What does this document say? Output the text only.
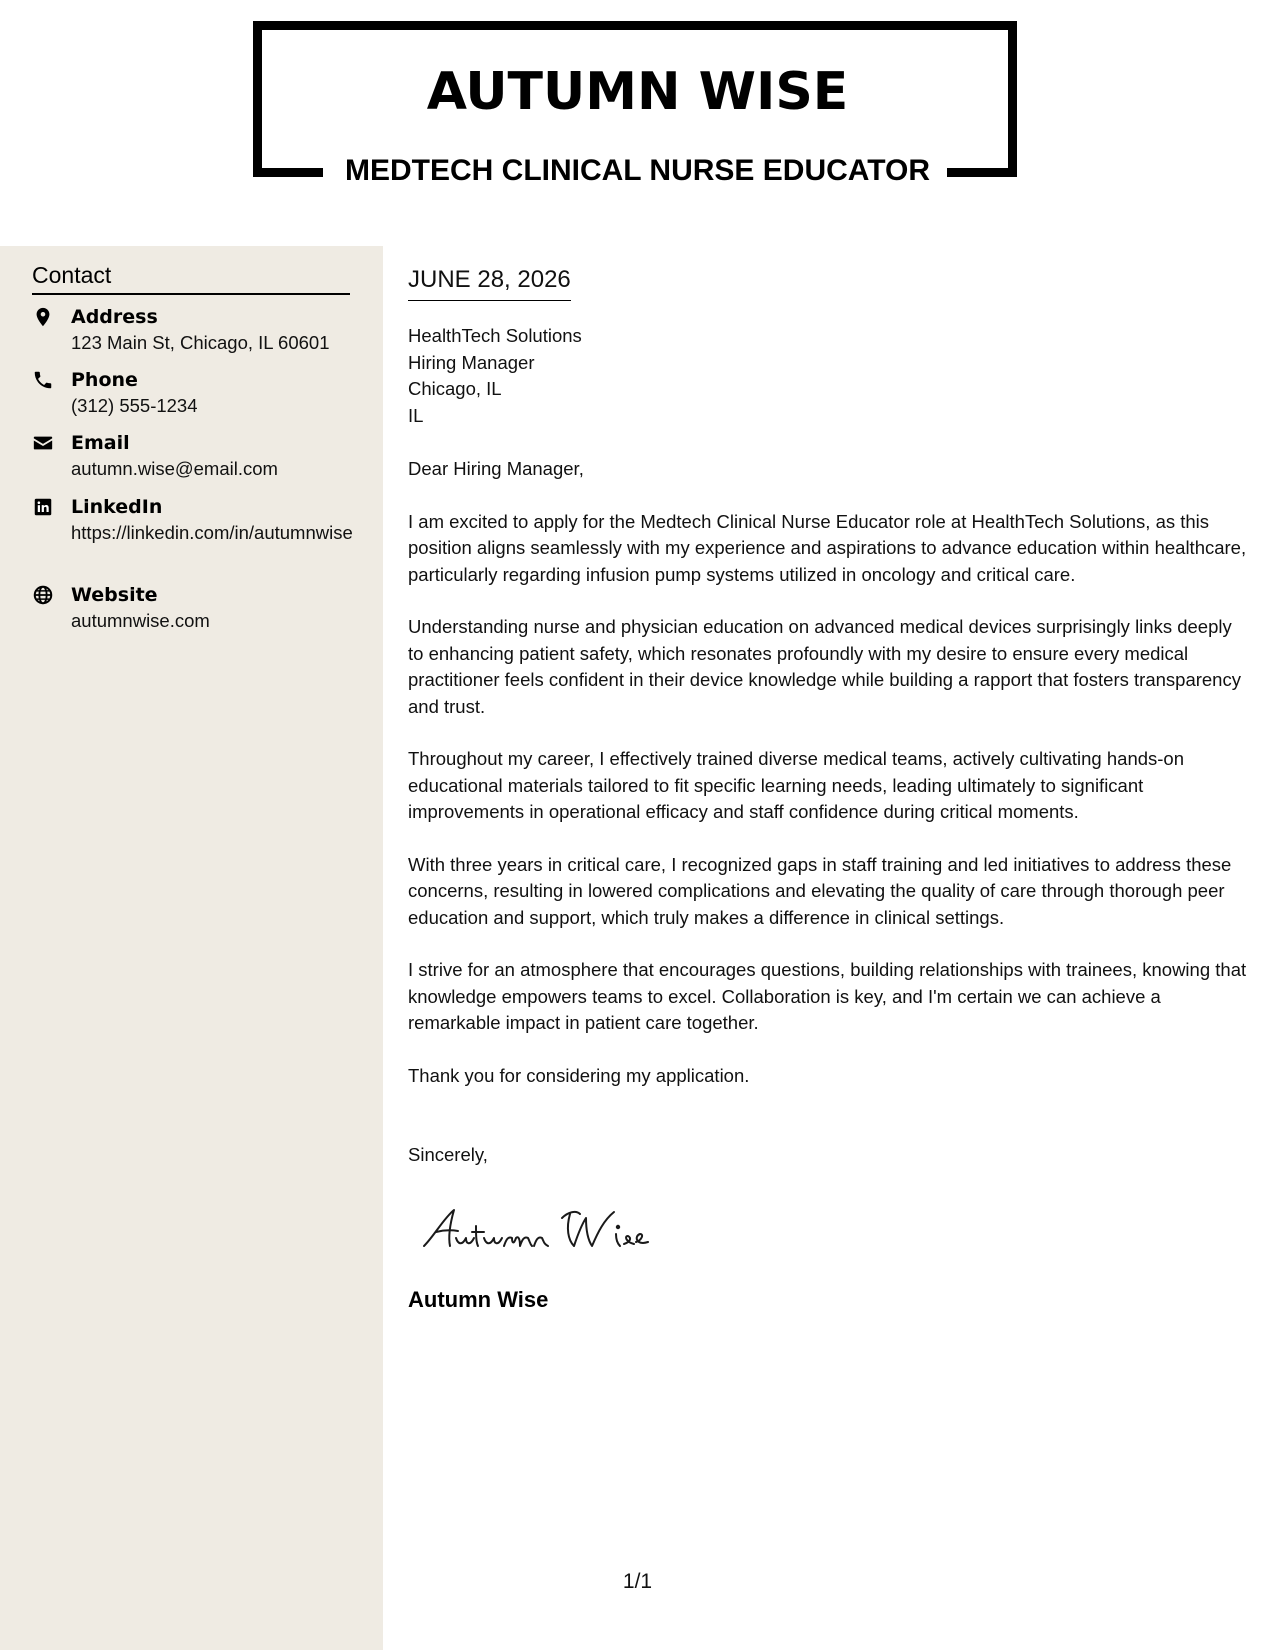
AUTUMN WISE
MEDTECH CLINICAL NURSE EDUCATOR
Contact
Address
123 Main St, Chicago, IL 60601
Phone
(312) 555-1234
Email
autumn.wise@email.com
LinkedIn
https://linkedin.com/in/autumnwise
Website
autumnwise.com
JUNE 28, 2026
HealthTech Solutions
Hiring Manager
Chicago, IL
IL

Dear Hiring Manager,

I am excited to apply for the Medtech Clinical Nurse Educator role at HealthTech Solutions, as this position aligns seamlessly with my experience and aspirations to advance education within healthcare, particularly regarding infusion pump systems utilized in oncology and critical care.

Understanding nurse and physician education on advanced medical devices surprisingly links deeply to enhancing patient safety, which resonates profoundly with my desire to ensure every medical practitioner feels confident in their device knowledge while building a rapport that fosters transparency and trust.

Throughout my career, I effectively trained diverse medical teams, actively cultivating hands-on educational materials tailored to fit specific learning needs, leading ultimately to significant improvements in operational efficacy and staff confidence during critical moments.

With three years in critical care, I recognized gaps in staff training and led initiatives to address these concerns, resulting in lowered complications and elevating the quality of care through thorough peer education and support, which truly makes a difference in clinical settings.

I strive for an atmosphere that encourages questions, building relationships with trainees, knowing that knowledge empowers teams to excel. Collaboration is key, and I'm certain we can achieve a remarkable impact in patient care together.

Thank you for considering my application.

Sincerely,
Autumn Wise
1/1
